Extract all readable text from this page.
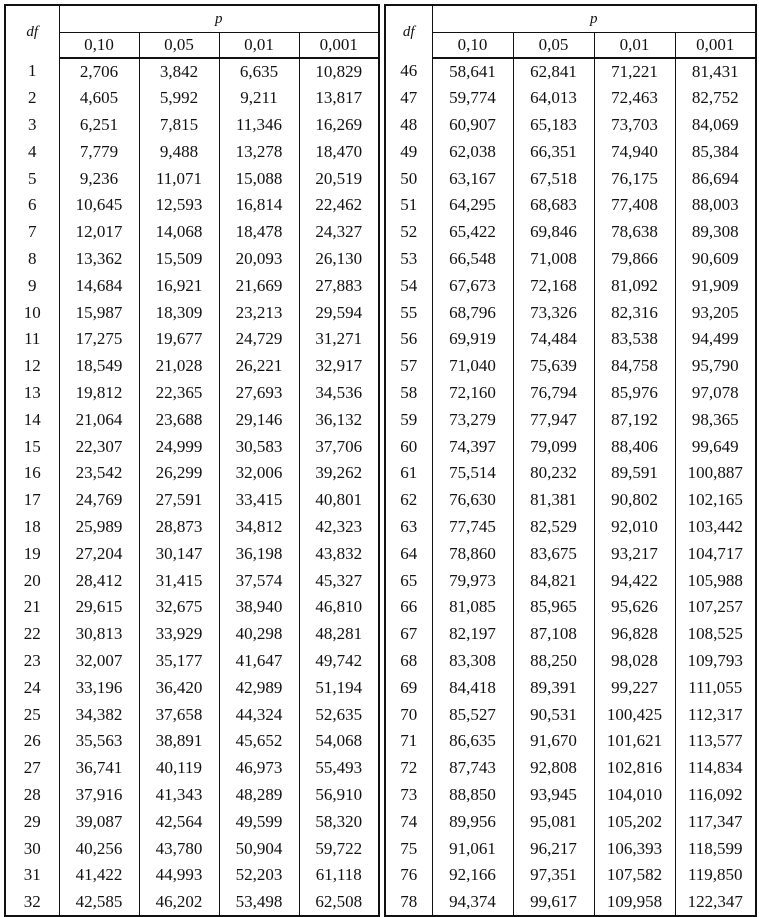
df	p			
	0,10	0,05	0,01	0,001
1	2,706	3,842	6,635	10,829
2	4,605	5,992	9,211	13,817
3	6,251	7,815	11,346	16,269
4	7,779	9,488	13,278	18,470
5	9,236	11,071	15,088	20,519
6	10,645	12,593	16,814	22,462
7	12,017	14,068	18,478	24,327
8	13,362	15,509	20,093	26,130
9	14,684	16,921	21,669	27,883
10	15,987	18,309	23,213	29,594
11	17,275	19,677	24,729	31,271
12	18,549	21,028	26,221	32,917
13	19,812	22,365	27,693	34,536
14	21,064	23,688	29,146	36,132
15	22,307	24,999	30,583	37,706
16	23,542	26,299	32,006	39,262
17	24,769	27,591	33,415	40,801
18	25,989	28,873	34,812	42,323
19	27,204	30,147	36,198	43,832
20	28,412	31,415	37,574	45,327
21	29,615	32,675	38,940	46,810
22	30,813	33,929	40,298	48,281
23	32,007	35,177	41,647	49,742
24	33,196	36,420	42,989	51,194
25	34,382	37,658	44,324	52,635
26	35,563	38,891	45,652	54,068
27	36,741	40,119	46,973	55,493
28	37,916	41,343	48,289	56,910
29	39,087	42,564	49,599	58,320
30	40,256	43,780	50,904	59,722
31	41,422	44,993	52,203	61,118
32	42,585	46,202	53,498	62,508
df	p			
	0,10	0,05	0,01	0,001
46	58,641	62,841	71,221	81,431
47	59,774	64,013	72,463	82,752
48	60,907	65,183	73,703	84,069
49	62,038	66,351	74,940	85,384
50	63,167	67,518	76,175	86,694
51	64,295	68,683	77,408	88,003
52	65,422	69,846	78,638	89,308
53	66,548	71,008	79,866	90,609
54	67,673	72,168	81,092	91,909
55	68,796	73,326	82,316	93,205
56	69,919	74,484	83,538	94,499
57	71,040	75,639	84,758	95,790
58	72,160	76,794	85,976	97,078
59	73,279	77,947	87,192	98,365
60	74,397	79,099	88,406	99,649
61	75,514	80,232	89,591	100,887
62	76,630	81,381	90,802	102,165
63	77,745	82,529	92,010	103,442
64	78,860	83,675	93,217	104,717
65	79,973	84,821	94,422	105,988
66	81,085	85,965	95,626	107,257
67	82,197	87,108	96,828	108,525
68	83,308	88,250	98,028	109,793
69	84,418	89,391	99,227	111,055
70	85,527	90,531	100,425	112,317
71	86,635	91,670	101,621	113,577
72	87,743	92,808	102,816	114,834
73	88,850	93,945	104,010	116,092
74	89,956	95,081	105,202	117,347
75	91,061	96,217	106,393	118,599
76	92,166	97,351	107,582	119,850
78	94,374	99,617	109,958	122,347
